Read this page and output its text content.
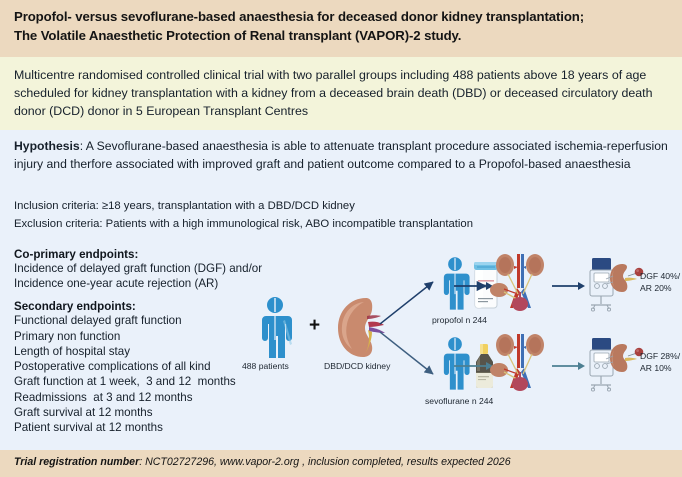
Propofol- versus sevoflurane-based anaesthesia for deceased donor kidney transplantation;
The Volatile Anaesthetic Protection of Renal transplant (VAPOR)-2 study.
Multicentre randomised controlled clinical trial with two parallel groups including 488 patients above 18 years of age scheduled for kidney transplantation with a kidney from a deceased brain death (DBD) or deceased circulatory death donor (DCD) donor in 5 European Transplant Centres
Hypothesis: A Sevoflurane-based anaesthesia is able to attenuate transplant procedure associated ischemia-reperfusion injury and therfore associated with improved graft and patient outcome compared to a Propofol-based anaesthesia
Inclusion criteria: ≥18 years, transplantation with a DBD/DCD kidney
Exclusion criteria: Patients with a high immunological risk, ABO incompatible transplantation
Co-primary endpoints:
Incidence of delayed graft function (DGF) and/or
Incidence one-year acute rejection (AR)
Secondary endpoints:
Functional delayed graft function
Primary non function
Length of hospital stay
Postoperative complications of all kind
Graft function at 1 week,  3 and 12  months
Readmissions  at 3 and 12 months
Graft survival at 12 months
Patient survival at 12 months
488 patients
+
DBD/DCD kidney
propofol n 244
DGF 40%/
AR 20%
sevoflurane n 244
DGF 28%/
AR 10%
Trial registration number: NCT02727296, www.vapor-2.org , inclusion completed, results expected 2026
